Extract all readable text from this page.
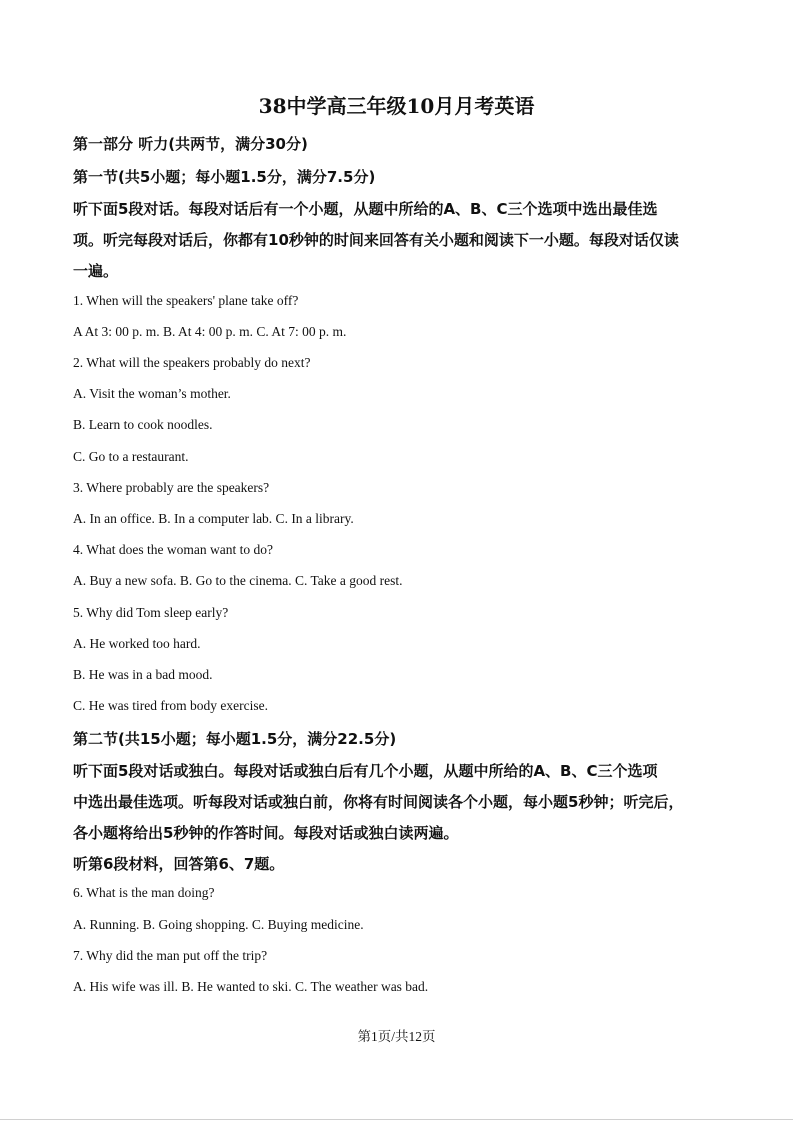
38中学高三年级10月月考英语
第一部分 听力(共两节，满分30分)
第一节(共5小题；每小题1.5分，满分7.5分)
听下面5段对话。每段对话后有一个小题，从题中所给的A、B、C三个选项中选出最佳选
项。听完每段对话后，你都有10秒钟的时间来回答有关小题和阅读下一小题。每段对话仅读
一遍。
1. When will the speakers' plane take off?
A At 3: 00 p. m. B. At 4: 00 p. m. C. At 7: 00 p. m.
2. What will the speakers probably do next?
A. Visit the woman’s mother.
B. Learn to cook noodles.
C. Go to a restaurant.
3. Where probably are the speakers?
A. In an office. B. In a computer lab. C. In a library.
4. What does the woman want to do?
A. Buy a new sofa. B. Go to the cinema. C. Take a good rest.
5. Why did Tom sleep early?
A. He worked too hard.
B. He was in a bad mood.
C. He was tired from body exercise.
第二节(共15小题；每小题1.5分，满分22.5分)
听下面5段对话或独白。每段对话或独白后有几个小题，从题中所给的A、B、C三个选项
中选出最佳选项。听每段对话或独白前，你将有时间阅读各个小题，每小题5秒钟；听完后，
各小题将给出5秒钟的作答时间。每段对话或独白读两遍。
听第6段材料，回答第6、7题。
6. What is the man doing?
A. Running. B. Going shopping. C. Buying medicine.
7. Why did the man put off the trip?
A. His wife was ill. B. He wanted to ski. C. The weather was bad.
第1页/共12页
